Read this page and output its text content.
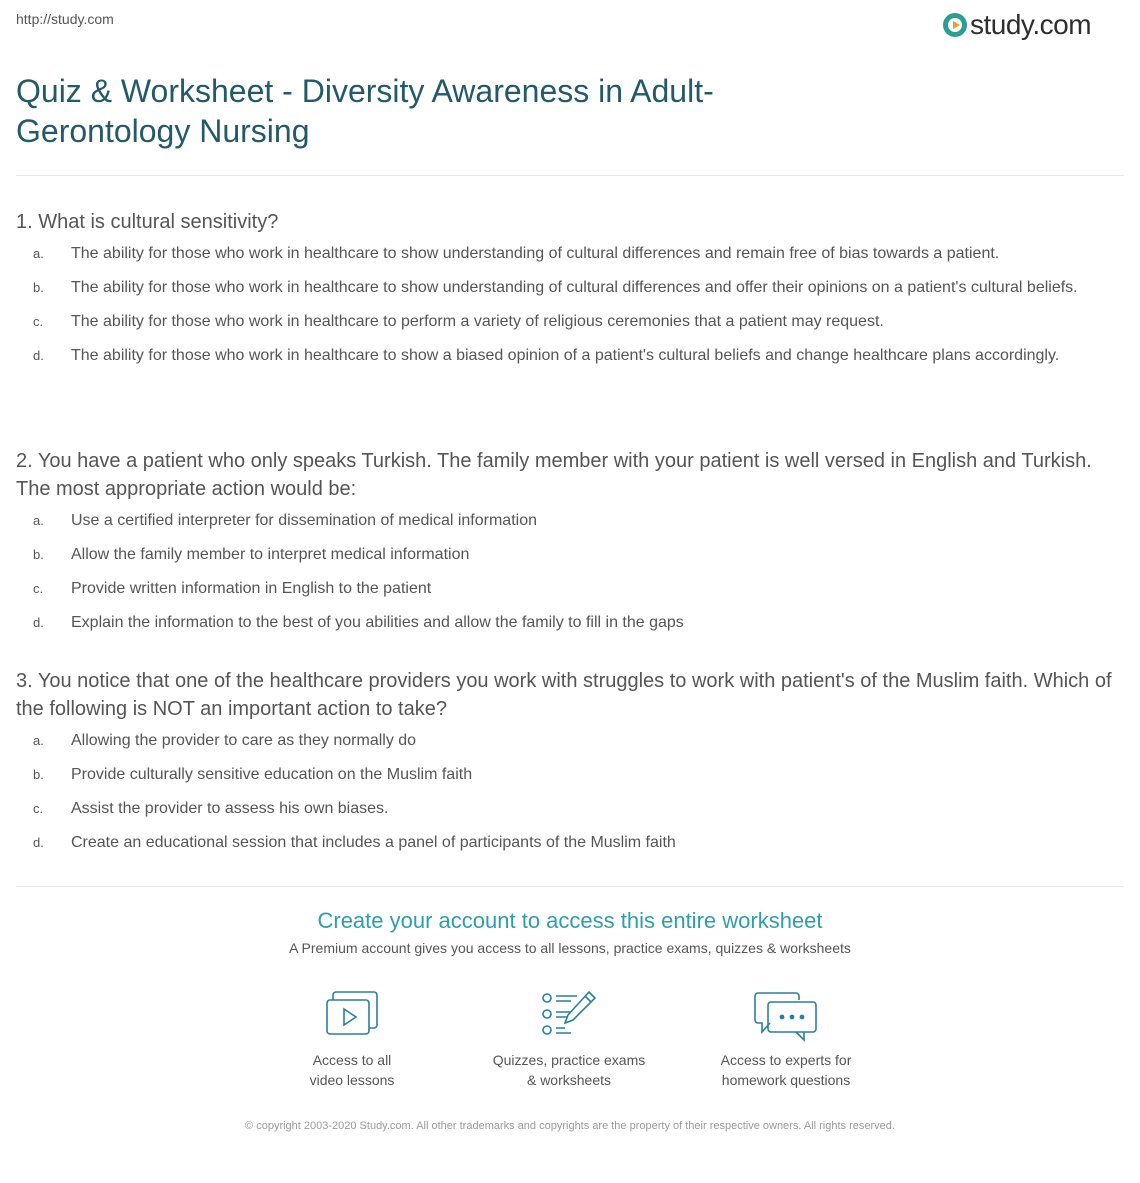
http://study.com	study.com
Quiz & Worksheet - Diversity Awareness in Adult-Gerontology Nursing

1. What is cultural sensitivity?

a. The ability for those who work in healthcare to show understanding of cultural differences and remain free of bias towards a patient.
b. The ability for those who work in healthcare to show understanding of cultural differences and offer their opinions on a patient's cultural beliefs.
c. The ability for those who work in healthcare to perform a variety of religious ceremonies that a patient may request.
d. The ability for those who work in healthcare to show a biased opinion of a patient's cultural beliefs and change healthcare plans accordingly.

2. You have a patient who only speaks Turkish. The family member with your patient is well versed in English and Turkish. The most appropriate action would be:

a. Use a certified interpreter for dissemination of medical information
b. Allow the family member to interpret medical information
c. Provide written information in English to the patient
d. Explain the information to the best of you abilities and allow the family to fill in the gaps

3. You notice that one of the healthcare providers you work with struggles to work with patient's of the Muslim faith. Which of the following is NOT an important action to take?

a. Allowing the provider to care as they normally do
b. Provide culturally sensitive education on the Muslim faith
c. Assist the provider to assess his own biases.
d. Create an educational session that includes a panel of participants of the Muslim faith
Create your account to access this entire worksheet
A Premium account gives you access to all lessons, practice exams, quizzes & worksheets
Access to all
video lessons
Quizzes, practice exams
& worksheets
Access to experts for
homework questions
© copyright 2003-2020 Study.com. All other trademarks and copyrights are the property of their respective owners. All rights reserved.
